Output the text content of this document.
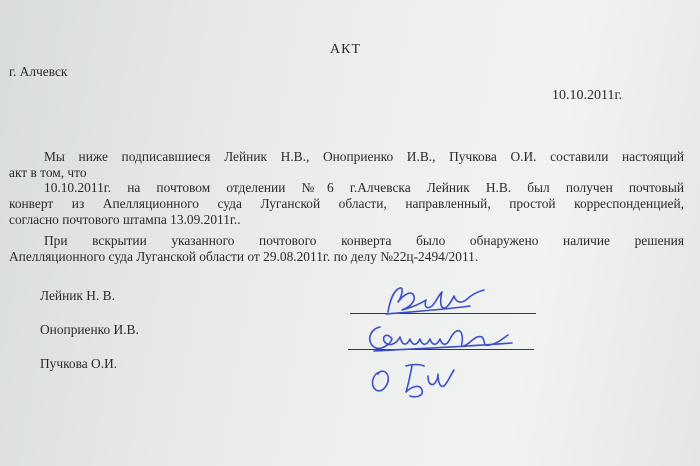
АКТ
г. Алчевск
10.10.2011г.
Мы ниже подписавшиеся Лейник Н.В., Оноприенко И.В., Пучкова О.И. составили настоящий
акт в том, что
10.10.2011г. на почтовом отделении №6 г.Алчевска Лейник Н.В. был получен почтовый
конверт из Апелляционного суда Луганской области, направленный, простой корреспонденцией,
согласно почтового штампа 13.09.2011г..
При вскрытии указанного почтового конверта было обнаружено наличие решения
Апелляционного суда Луганской области от 29.08.2011г. по делу №22ц-2494/2011.
Лейник Н. В.
Оноприенко И.В.
Пучкова О.И.
